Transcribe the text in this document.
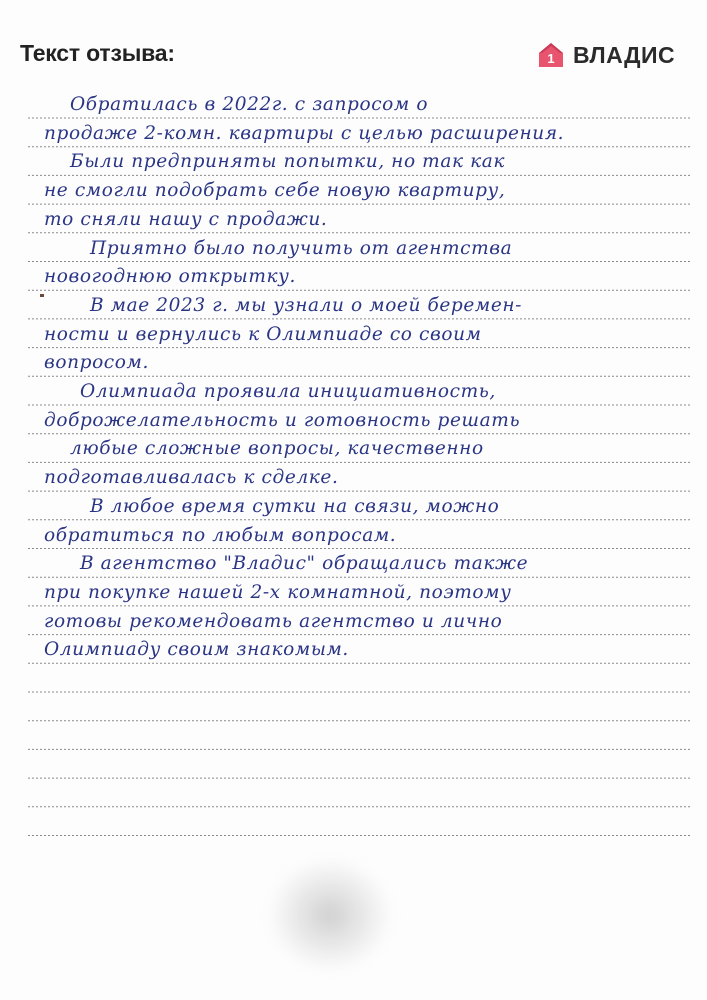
Текст отзыва:	1 ВЛАДИС
Обратилась в 2022г. с запросом о
продаже 2-комн. квартиры с целью расширения.
Были предприняты попытки, но так как
не смогли подобрать себе новую квартиру,
то сняли нашу с продажи.
Приятно было получить от агентства
новогоднюю открытку.
В мае 2023 г. мы узнали о моей беремен-
ности и вернулись к Олимпиаде со своим
вопросом.
Олимпиада проявила инициативность,
доброжелательность и готовность решать
любые сложные вопросы, качественно
подготавливалась к сделке.
В любое время сутки на связи, можно
обратиться по любым вопросам.
В агентство "Владис" обращались также
при покупке нашей 2-х комнатной, поэтому
готовы рекомендовать агентство и лично
Олимпиаду своим знакомым.
